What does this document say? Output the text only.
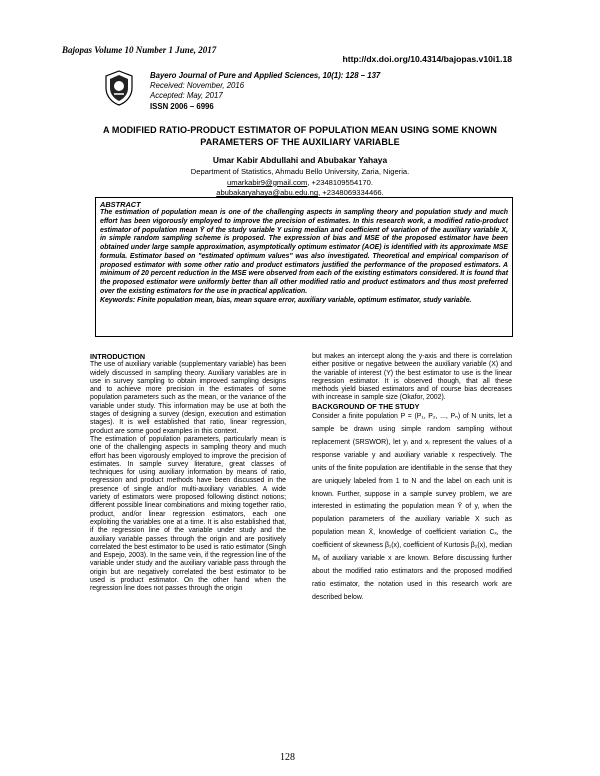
Bajopas Volume 10 Number 1 June, 2017
http://dx.doi.org/10.4314/bajopas.v10i1.18
Bayero Journal of Pure and Applied Sciences, 10(1): 128 – 137
Received: November, 2016
Accepted: May, 2017
ISSN 2006 – 6996
A MODIFIED RATIO-PRODUCT ESTIMATOR OF POPULATION MEAN USING SOME KNOWN PARAMETERS OF THE AUXILIARY VARIABLE
Umar Kabir Abdullahi and Abubakar Yahaya
Department of Statistics, Ahmadu Bello University, Zaria, Nigeria.
umarkabir9@gmail.com, +2348109554170.
abubakaryahaya@abu.edu.ng, +2348069334466.
ABSTRACT

The estimation of population mean is one of the challenging aspects in sampling theory and population study and much effort has been vigorously employed to improve the precision of estimates. In this research work, a modified ratio-product estimator of population mean Ȳ of the study variable Y using median and coefficient of variation of the auxiliary variable X, in simple random sampling scheme is proposed. The expression of bias and MSE of the proposed estimator have been obtained under large sample approximation, asymptotically optimum estimator (AOE) is identified with its approximate MSE formula. Estimator based on "estimated optimum values" was also investigated. Theoretical and empirical comparison of proposed estimator with some other ratio and product estimators justified the performance of the proposed estimators. A minimum of 20 percent reduction in the MSE were observed from each of the existing estimators considered. It is found that the proposed estimator were uniformly better than all other modified ratio and product estimators and thus most preferred over the existing estimators for the use in practical application.

Keywords: Finite population mean, bias, mean square error, auxiliary variable, optimum estimator, study variable.

INTRODUCTION

The use of auxiliary variable (supplementary variable) has been widely discussed in sampling theory. Auxiliary variables are in use in survey sampling to obtain improved sampling designs and to achieve more precision in the estimates of some population parameters such as the mean, or the variance of the variable under study. This information may be use at both the stages of designing a survey (design, execution and estimation stages). It is well established that ratio, linear regression, product are some good examples in this context.

The estimation of population parameters, particularly mean is one of the challenging aspects in sampling theory and much effort has been vigorously employed to improve the precision of estimates. In sample survey literature, great classes of techniques for using auxiliary information by means of ratio, regression and product methods have been discussed in the presence of single and/or multi-auxiliary variables. A wide variety of estimators were proposed following distinct notions; different possible linear combinations and mixing together ratio, product, and/or linear regression estimators, each one exploiting the variables one at a time. It is also established that, if the regression line of the variable under study and the auxiliary variable passes through the origin and are positively correlated the best estimator to be used is ratio estimator (Singh and Espejo, 2003). In the same vein, if the regression line of the variable under study and the auxiliary variable pass through the origin but are negatively correlated the best estimator to be used is product estimator. On the other hand when the regression line does not passes through the origin

but makes an intercept along the y-axis and there is correlation either positive or negative between the auxiliary variable (X) and the variable of interest (Y) the best estimator to use is the linear regression estimator. It is observed though, that all these methods yield biased estimators and of course bias decreases with increase in sample size (Okafor, 2002).

BACKGROUND OF THE STUDY

Consider a finite population P = (P₁, P₂, ..., Pₙ) of N units, let a sample be drawn using simple random sampling without replacement (SRSWOR), let yᵢ and xᵢ represent the values of a response variable y and auxiliary variable x respectively. The units of the finite population are identifiable in the sense that they are uniquely labeled from 1 to N and the label on each unit is known. Further, suppose in a sample survey problem, we are interested in estimating the population mean Ȳ of y, when the population parameters of the auxiliary variable X such as population mean X̄, knowledge of coefficient variation Cₓ, the coefficient of skewness β₁(x), coefficient of Kurtosis β₂(x), median Mₓ of auxiliary variable x are known. Before discussing further about the modified ratio estimators and the proposed modified ratio estimator, the notation used in this research work are described below.

128
